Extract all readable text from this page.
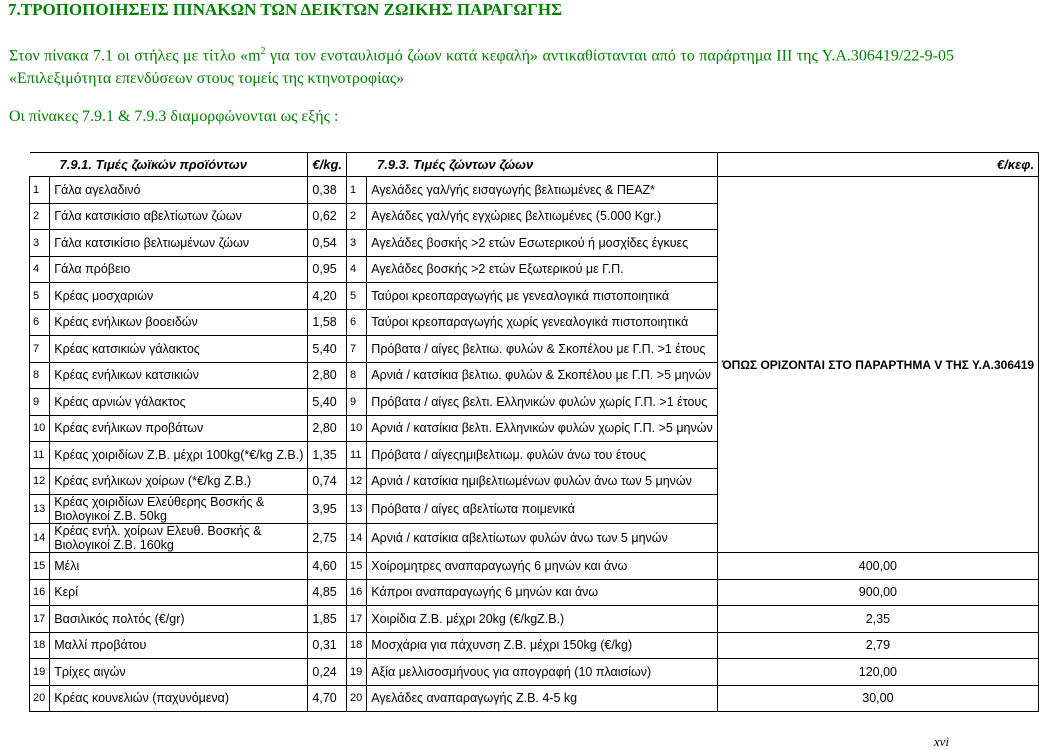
7.ΤΡΟΠΟΠΟΙΗΣΕΙΣ ΠΙΝΑΚΩΝ ΤΩΝ ΔΕΙΚΤΩΝ ΖΩΙΚΗΣ ΠΑΡΑΓΩΓΗΣ
Στον πίνακα 7.1 οι στήλες με τίτλο «$m^2$ για τον ενσταυλισμό ζώων κατά κεφαλή» αντικαθίστανται από το παράρτημα ΙΙΙ της Υ.Α.306419/22-9-05 «Επιλεξιμότητα επενδύσεων στους τομείς της κτηνοτροφίας»
Οι πίνακες 7.9.1 & 7.9.3 διαμορφώνονται ως εξής :
7.9.1. Τιμές ζωϊκών προϊόντων		€/kg.	7.9.3. Τιμές ζώντων ζώων		€/κεφ.
1	Γάλα αγελαδινό	0,38	1	Αγελάδες γαλ/γής εισαγωγής βελτιωμένες & ΠΕΑΖ*	ΌΠΩΣ ΟΡΙΖΟΝΤΑΙ ΣΤΟ ΠΑΡΑΡΤΗΜΑ V ΤΗΣ Υ.Α.306419
2	Γάλα κατσικίσιο αβελτίωτων ζώων	0,62	2	Αγελάδες γαλ/γής εγχώριες βελτιωμένες (5.000 Kgr.)	
3	Γάλα κατσικίσιο βελτιωμένων ζώων	0,54	3	Αγελάδες βοσκής >2 ετών Εσωτερικού ή μοσχίδες έγκυες	
4	Γάλα πρόβειο	0,95	4	Αγελάδες βοσκής >2 ετών Εξωτερικού με Γ.Π.	
5	Κρέας μοσχαριών	4,20	5	Ταύροι κρεοπαραγωγής με γενεαλογικά πιστοποιητικά	
6	Κρέας ενήλικων βοοειδών	1,58	6	Ταύροι κρεοπαραγωγής χωρίς γενεαλογικά πιστοποιητικά	
7	Κρέας κατσικιών γάλακτος	5,40	7	Πρόβατα / αίγες βελτιω. φυλών & Σκοπέλου με Γ.Π. >1 έτους	
8	Κρέας ενήλικων κατσικιών	2,80	8	Αρνιά / κατσίκια βελτιω. φυλών & Σκοπέλου με Γ.Π. >5 μηνών	
9	Κρέας αρνιών γάλακτος	5,40	9	Πρόβατα / αίγες βελτι. Ελληνικών φυλών χωρίς Γ.Π. >1 έτους	
10	Κρέας ενήλικων προβάτων	2,80	10	Αρνιά / κατσίκια βελτι. Ελληνικών φυλών χωρίς Γ.Π. >5 μηνών	
11	Κρέας χοιριδίων Ζ.Β. μέχρι 100kg(*€/kg Ζ.Β.)	1,35	11	Πρόβατα / αίγεςημιβελτιωμ. φυλών άνω του έτους	
12	Κρέας ενήλικων χοίρων (*€/kg Ζ.Β.)	0,74	12	Αρνιά / κατσίκια ημιβελτιωμένων φυλών άνω των 5 μηνών	
13	Κρέας χοιριδίων Ελεύθερης Βοσκής & Βιολογικοί Ζ.Β. 50kg	3,95	13	Πρόβατα / αίγες αβελτίωτα ποιμενικά	
14	Κρέας ενήλ. χοίρων Ελευθ. Βοσκής & Βιολογικοί Ζ.Β. 160kg	2,75	14	Αρνιά / κατσίκια αβελτίωτων φυλών άνω των 5 μηνών	
15	Μέλι	4,60	15	Χοίρομητρες αναπαραγωγής 6 μηνών και άνω	400,00
16	Κερί	4,85	16	Κάπροι αναπαραγωγής 6 μηνών και άνω	900,00
17	Βασιλικός πολτός (€/gr)	1,85	17	Χοιρίδια Ζ.Β. μέχρι 20kg (€/kgZ.B.)	2,35
18	Μαλλί προβάτου	0,31	18	Μοσχάρια για πάχυνση Ζ.Β. μέχρι 150kg (€/kg)	2,79
19	Τρίχες αιγών	0,24	19	Αξία μελλισοσμήνους για απογραφή (10 πλαισίων)	120,00
20	Κρέας κουνελιών (παχυνόμενα)	4,70	20	Αγελάδες αναπαραγωγής Ζ.Β. 4-5 kg	30,00
xvi
